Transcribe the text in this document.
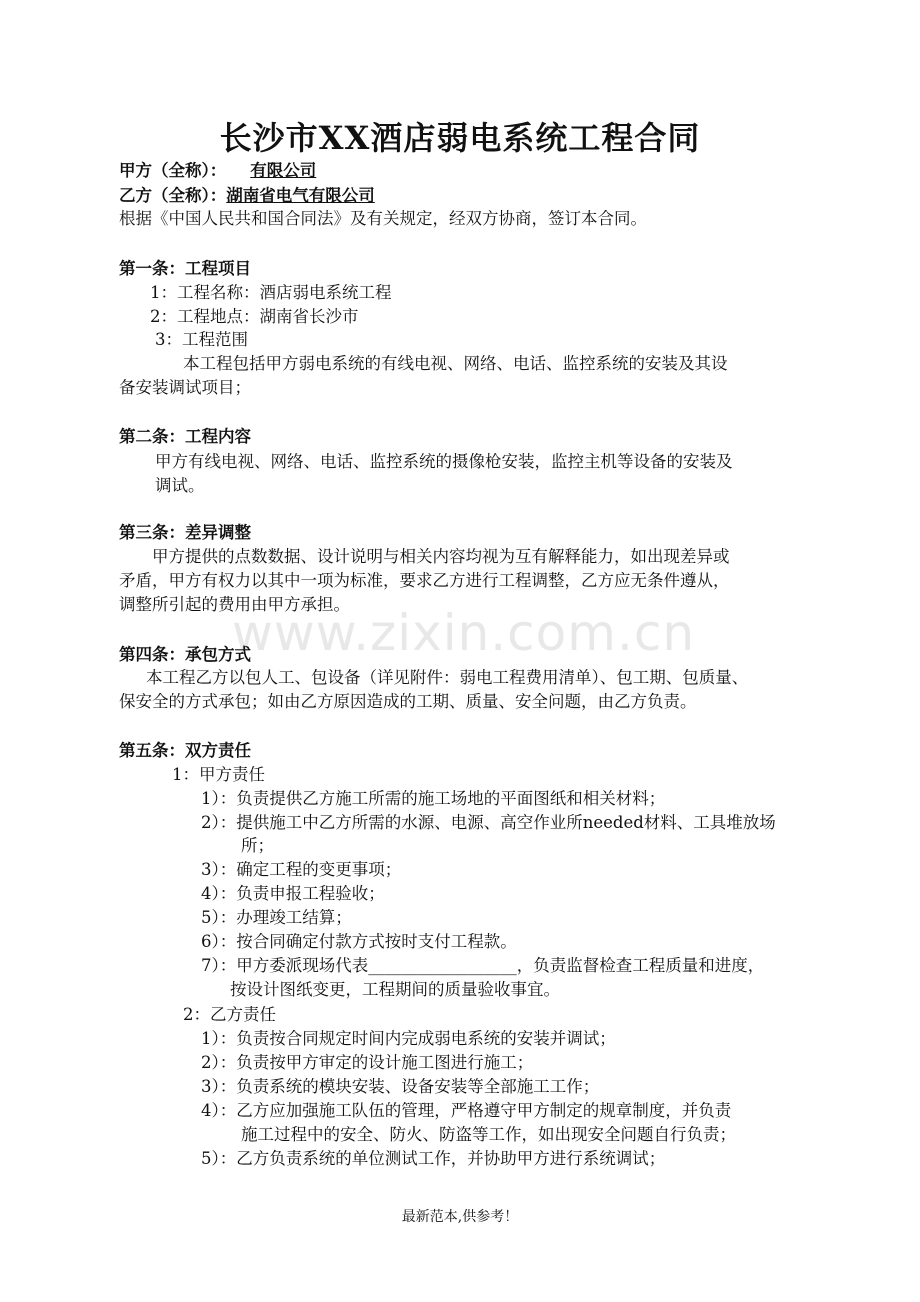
www.zixin.com.cn
长沙市XX酒店弱电系统工程合同
甲方（全称）： 有限公司
乙方（全称）：湖南省电气有限公司
根据《中国人民共和国合同法》及有关规定，经双方协商，签订本合同。
第一条：工程项目
1：工程名称：酒店弱电系统工程
2：工程地点：湖南省长沙市
3：工程范围
本工程包括甲方弱电系统的有线电视、网络、电话、监控系统的安装及其设
备安装调试项目；
第二条：工程内容
甲方有线电视、网络、电话、监控系统的摄像枪安装，监控主机等设备的安装及
调试。
第三条：差异调整
甲方提供的点数数据、设计说明与相关内容均视为互有解释能力，如出现差异或
矛盾，甲方有权力以其中一项为标准，要求乙方进行工程调整，乙方应无条件遵从，
调整所引起的费用由甲方承担。
第四条：承包方式
本工程乙方以包人工、包设备（详见附件：弱电工程费用清单）、包工期、包质量、
保安全的方式承包；如由乙方原因造成的工期、质量、安全问题，由乙方负责。
第五条：双方责任
1：甲方责任
1）：负责提供乙方施工所需的施工场地的平面图纸和相关材料；
2）：提供施工中乙方所需的水源、电源、高空作业所needed材料、工具堆放场
所；
3）：确定工程的变更事项；
4）：负责申报工程验收；
5）：办理竣工结算；
6）：按合同确定付款方式按时支付工程款。
7）：甲方委派现场代表__________________，负责监督检查工程质量和进度，
按设计图纸变更，工程期间的质量验收事宜。
2：乙方责任
1）：负责按合同规定时间内完成弱电系统的安装并调试；
2）：负责按甲方审定的设计施工图进行施工；
3）：负责系统的模块安装、设备安装等全部施工工作；
4）：乙方应加强施工队伍的管理，严格遵守甲方制定的规章制度，并负责
施工过程中的安全、防火、防盗等工作，如出现安全问题自行负责；
5）：乙方负责系统的单位测试工作，并协助甲方进行系统调试；
最新范本,供参考！
